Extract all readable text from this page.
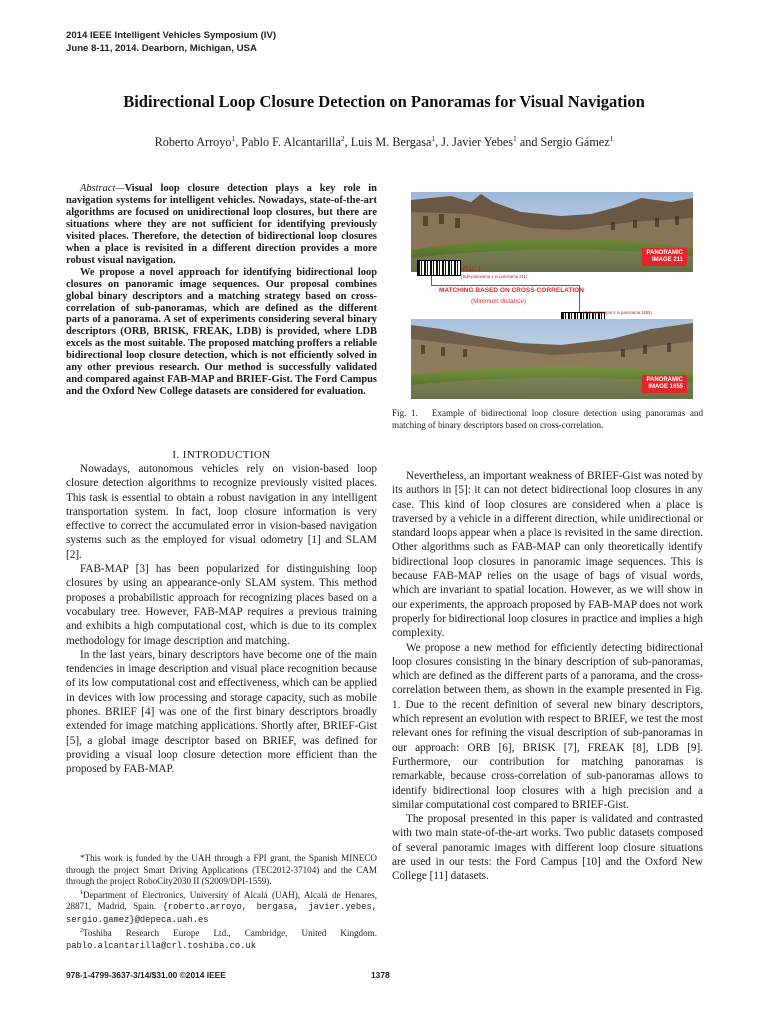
2014 IEEE Intelligent Vehicles Symposium (IV)
June 8-11, 2014. Dearborn, Michigan, USA
Bidirectional Loop Closure Detection on Panoramas for Visual Navigation
Roberto Arroyo$^1$, Pablo F. Alcantarilla$^2$, Luis M. Bergasa$^1$, J. Javier Yebes$^1$ and Sergio Gámez$^1$

Abstract—Visual loop closure detection plays a key role in navigation systems for intelligent vehicles. Nowadays, state-of-the-art algorithms are focused on unidirectional loop closures, but there are situations where they are not sufficient for identifying previously visited places. Therefore, the detection of bidirectional loop closures when a place is revisited in a different direction provides a more robust visual navigation.

We propose a novel approach for identifying bidirectional loop closures on panoramic image sequences. Our proposal combines global binary descriptors and a matching strategy based on cross-correlation of sub-panoramas, which are defined as the different parts of a panorama. A set of experiments considering several binary descriptors (ORB, BRISK, FREAK, LDB) is provided, where LDB excels as the most suitable. The proposed matching proffers a reliable bidirectional loop closure detection, which is not efficiently solved in any other previous research. Our method is successfully validated and compared against FAB-MAP and BRIEF-Gist. The Ford Campus and the Oxford New College datasets are considered for evaluation.

I. INTRODUCTION

Nowadays, autonomous vehicles rely on vision-based loop closure detection algorithms to recognize previously visited places. This task is essential to obtain a robust navigation in any intelligent transportation system. In fact, loop closure information is very effective to correct the accumulated error in vision-based navigation systems such as the employed for visual odometry [1] and SLAM [2].

FAB-MAP [3] has been popularized for distinguishing loop closures by using an appearance-only SLAM system. This method proposes a probabilistic approach for recognizing places based on a vocabulary tree. However, FAB-MAP requires a previous training and exhibits a high computational cost, which is due to its complex methodology for image description and matching.

In the last years, binary descriptors have become one of the main tendencies in image description and visual place recognition because of its low computational cost and effectiveness, which can be applied in devices with low processing and storage capacity, such as mobile phones. BRIEF [4] was one of the first binary descriptors broadly extended for image matching applications. Shortly after, BRIEF-Gist [5], a global image descriptor based on BRIEF, was defined for providing a visual loop closure detection more efficient than the proposed by FAB-MAP.

*This work is funded by the UAH through a FPI grant, the Spanish MINECO through the project Smart Driving Applications (TEC2012-37104) and the CAM through the project RoboCity2030 II (S2009/DPI-1559).

$^1$Department of Electronics, University of Alcalá (UAH), Alcalá de Henares, 28871, Madrid, Spain. {roberto.arroyo, bergasa, javier.yebes, sergio.gamez}@depeca.uah.es

$^2$Toshiba Research Europe Ltd., Cambridge, United Kingdom. pablo.alcantarilla@crl.toshiba.co.uk

PANORAMIC
IMAGE 211
V211, 1
(Sub-panorama 1 in panorama 211)
MATCHING BASED ON CROSS-CORRELATION
(Minimum distance)
(Sub-panorama 4 in panorama 1655)
PANORAMIC
IMAGE 1655
Fig. 1. Example of bidirectional loop closure detection using panoramas and matching of binary descriptors based on cross-correlation.

Nevertheless, an important weakness of BRIEF-Gist was noted by its authors in [5]: it can not detect bidirectional loop closures in any case. This kind of loop closures are considered when a place is traversed by a vehicle in a different direction, while unidirectional or standard loops appear when a place is revisited in the same direction. Other algorithms such as FAB-MAP can only theoretically identify bidirectional loop closures in panoramic image sequences. This is because FAB-MAP relies on the usage of bags of visual words, which are invariant to spatial location. However, as we will show in our experiments, the approach proposed by FAB-MAP does not work properly for bidirectional loop closures in practice and implies a high complexity.

We propose a new method for efficiently detecting bidirectional loop closures consisting in the binary description of sub-panoramas, which are defined as the different parts of a panorama, and the cross-correlation between them, as shown in the example presented in Fig. 1. Due to the recent definition of several new binary descriptors, which represent an evolution with respect to BRIEF, we test the most relevant ones for refining the visual description of sub-panoramas in our approach: ORB [6], BRISK [7], FREAK [8], LDB [9]. Furthermore, our contribution for matching panoramas is remarkable, because cross-correlation of sub-panoramas allows to identify bidirectional loop closures with a high precision and a similar computational cost compared to BRIEF-Gist.

The proposal presented in this paper is validated and contrasted with two main state-of-the-art works. Two public datasets composed of several panoramic images with different loop closure situations are used in our tests: the Ford Campus [10] and the Oxford New College [11] datasets.

978-1-4799-3637-3/14/$31.00 ©2014 IEEE	1378
